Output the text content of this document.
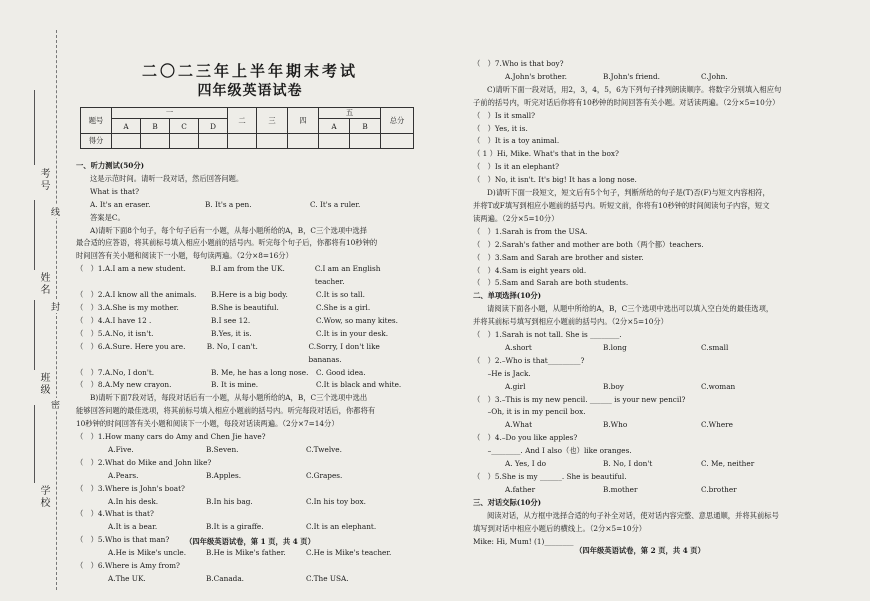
考号
姓名
班级
学校
线
封
密
二〇二三年上半年期末考试
四年级英语试卷
题号	一				二	三	四	五		总分
	A	B	C	D				A	B	
得分										
一、听力测试(50分)
这是示范时间。请听一段对话，然后回答问题。
What is that?
A. It's an eraser.	B. It's a pen.	C. It's a ruler.
答案是C。
A)请听下面8个句子，每个句子后有一小题，从每小题所给的A，B，C三个选项中选择
最合适的应答语，将其前标号填入相应小题前的括号内。听完每个句子后，你都将有10秒钟的
时间回答有关小题和阅读下一小题，每句读两遍。（2分×8=16分）
（　）1.A.I am a new student.	B.I am from the UK.	C.I am an English teacher.
（　）2.A.I know all the animals.	B.Here is a big body.	C.It is so tall.
（　）3.A.She is my mother.	B.She is beautiful.	C.She is a girl.
（　）4.A.I have 12 .	B.I see 12.	C.Wow, so many kites.
（　）5.A.No, it isn't.	B.Yes, it is.	C.It is in your desk.
（　）6.A.Sure. Here you are.	B. No, I can't.	C.Sorry, I don't like bananas.
（　）7.A.No, I don't.	B. Me, he has a long nose.	C. Good idea.
（　）8.A.My new crayon.	B. It is mine.	C.It is black and white.
B)请听下面7段对话，每段对话后有一小题，从每小题所给的A，B，C三个选项中选出
能够回答问题的最佳选项，将其前标号填入相应小题前的括号内。听完每段对话后，你都将有
10秒钟的时间回答有关小题和阅读下一小题，每段对话读两遍。（2分×7=14分）
（　）1.How many cars do Amy and Chen Jie have?
A.Five.	B.Seven.	C.Twelve.
（　）2.What do Mike and John like?
A.Pears.	B.Apples.	C.Grapes.
（　）3.Where is John's boat?
A.In his desk.	B.In his bag.	C.In his toy box.
（　）4.What is that?
A.It is a bear.	B.It is a giraffe.	C.It is an elephant.
（　）5.Who is that man?
A.He is Mike's uncle.	B.He is Mike's father.	C.He is Mike's teacher.
（　）6.Where is Amy from?
A.The UK.	B.Canada.	C.The USA.
（四年级英语试卷，第 1 页，共 4 页）
（　）7.Who is that boy?
A.John's brother.	B.John's friend.	C.John.
C)请听下面一段对话，用2，3，4，5，6为下列句子排列朗读顺序。将数字分别填入相应句
子前的括号内，听完对话后你将有10秒钟的时间回答有关小题。对话读两遍。（2分×5=10分）
（　）Is it small?
（　）Yes, it is.
（　）It is a toy animal.
（ 1 ）Hi, Mike. What's that in the box?
（　）Is it an elephant?
（　）No, it isn't. It's big! It has a long nose.
D)请听下面一段短文，短文后有5个句子，判断所给的句子是(T)否(F)与短文内容相符，
并将T或F填写到相应小题前的括号内。听短文前，你将有10秒钟的时间阅读句子内容，短文
读两遍。（2分×5=10分）
（　）1.Sarah is from the USA.
（　）2.Sarah's father and mother are both（两个都）teachers.
（　）3.Sam and Sarah are brother and sister.
（　）4.Sam is eight years old.
（　）5.Sam and Sarah are both students.
二、单项选择(10分)
请阅读下面各小题，从题中所给的A，B，C三个选项中选出可以填入空白处的最佳选项，
并将其前标号填写到相应小题前的括号内。（2分×5=10分）
（　）1.Sarah is not tall. She is ________.
A.short	B.long	C.small
（　）2.–Who is that_________?
　　–He is Jack.
A.girl	B.boy	C.woman
（　）3.–This is my new pencil. ______ is your new pencil?
　　–Oh, it is in my pencil box.
A.What	B.Who	C.Where
（　）4.–Do you like apples?
　　–________. And I also（也）like oranges.
A. Yes, I do	B. No, I don't	C. Me, neither
（　）5.She is my ______. She is beautiful.
A.father	B.mother	C.brother
三、对话交际(10分)
阅读对话，从方框中选择合适的句子补全对话，使对话内容完整、意思通顺，并将其前标号
填写到对话中相应小题后的横线上。（2分×5=10分）
Mike: Hi, Mum! (1)________
（四年级英语试卷，第 2 页，共 4 页）
